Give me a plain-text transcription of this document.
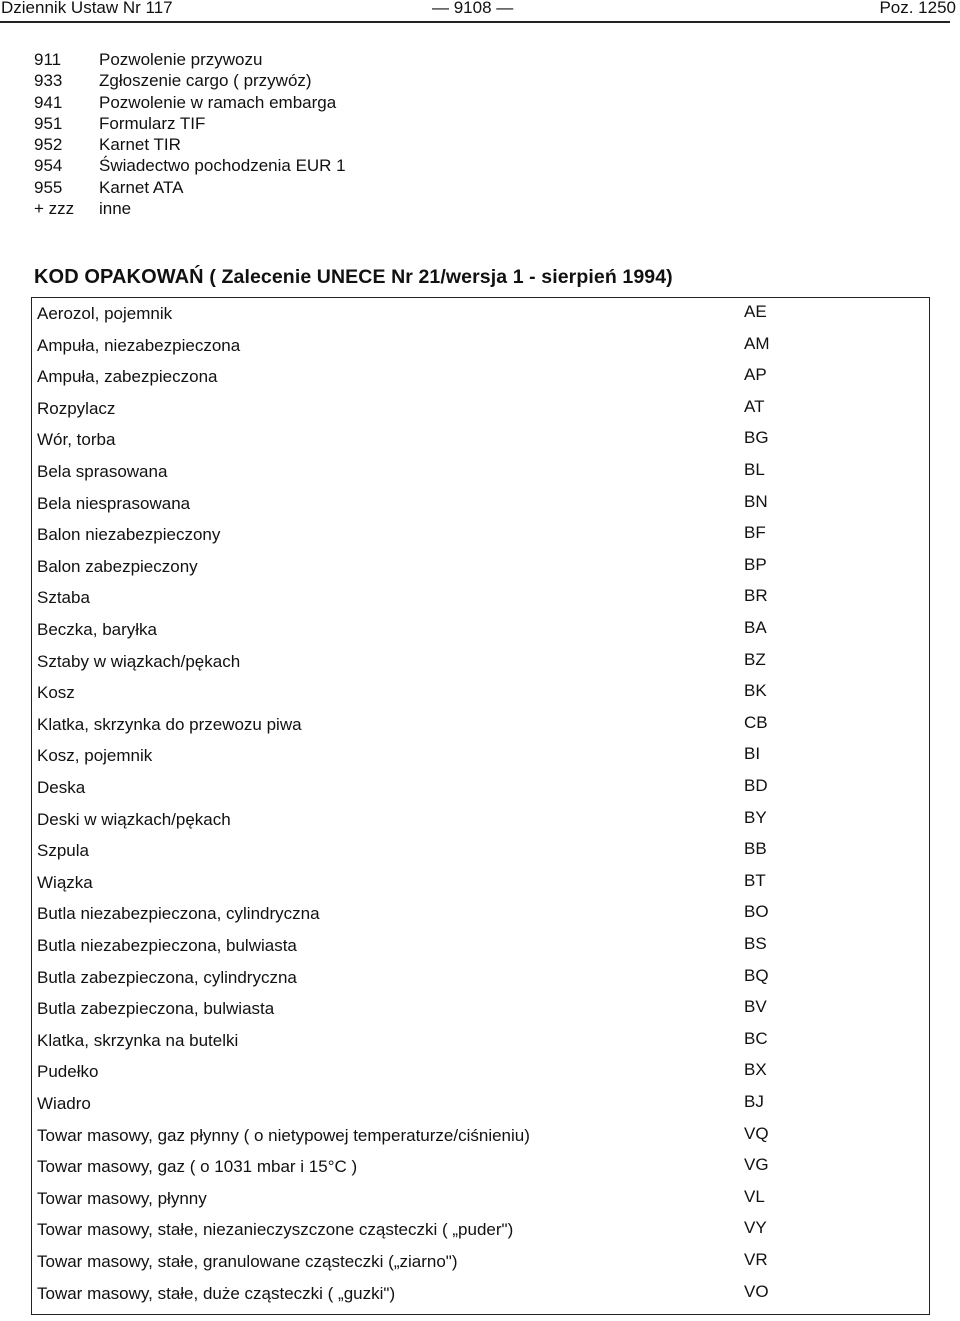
Dziennik Ustaw Nr 117	— 9108 —	Poz. 1250
911 Pozwolenie przywozu
933 Zgłoszenie cargo ( przywóz)
941 Pozwolenie w ramach embarga
951 Formularz TIF
952 Karnet TIR
954 Świadectwo pochodzenia EUR 1
955 Karnet ATA
+ zzz inne
KOD OPAKOWAŃ ( Zalecenie UNECE Nr 21/wersja 1 - sierpień 1994)
Aerozol, pojemnik	AE
Ampuła, niezabezpieczona	AM
Ampuła, zabezpieczona	AP
Rozpylacz	AT
Wór, torba	BG
Bela sprasowana	BL
Bela niesprasowana	BN
Balon niezabezpieczony	BF
Balon zabezpieczony	BP
Sztaba	BR
Beczka, baryłka	BA
Sztaby w wiązkach/pękach	BZ
Kosz	BK
Klatka, skrzynka do przewozu piwa	CB
Kosz, pojemnik	BI
Deska	BD
Deski w wiązkach/pękach	BY
Szpula	BB
Wiązka	BT
Butla niezabezpieczona, cylindryczna	BO
Butla niezabezpieczona, bulwiasta	BS
Butla zabezpieczona, cylindryczna	BQ
Butla zabezpieczona, bulwiasta	BV
Klatka, skrzynka na butelki	BC
Pudełko	BX
Wiadro	BJ
Towar masowy, gaz płynny ( o nietypowej temperaturze/ciśnieniu)	VQ
Towar masowy, gaz ( o 1031 mbar i 15°C )	VG
Towar masowy, płynny	VL
Towar masowy, stałe, niezanieczyszczone cząsteczki ( „puder")	VY
Towar masowy, stałe, granulowane cząsteczki („ziarno")	VR
Towar masowy, stałe, duże cząsteczki ( „guzki")	VO
